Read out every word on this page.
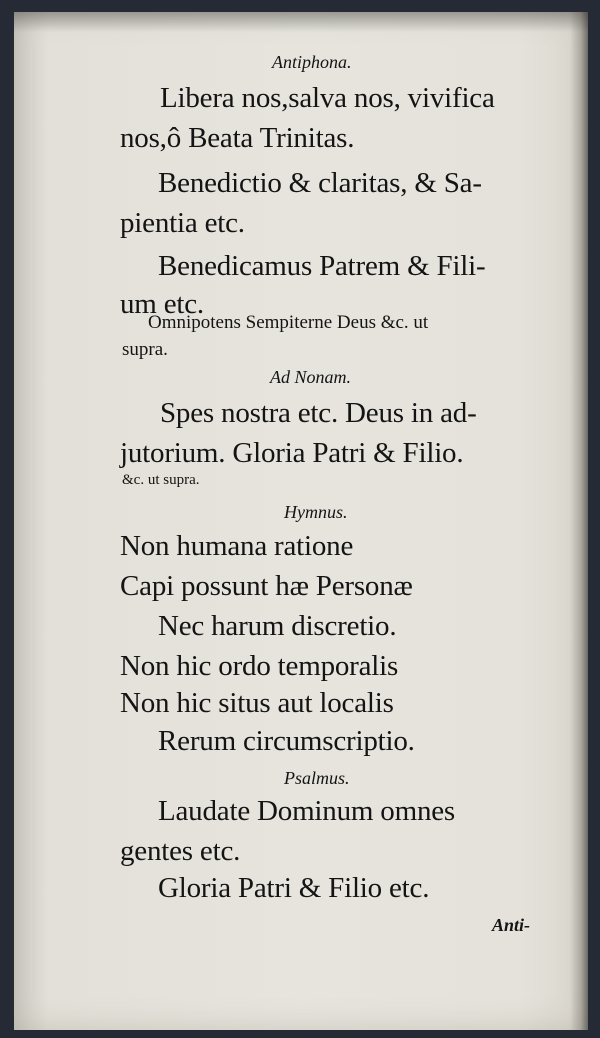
Antiphona.
Libera nos,salva nos, vivifica
nos,ô Beata Trinitas.
Benedictio & claritas, & Sa-
pientia etc.
Benedicamus Patrem & Fili-
um etc.
Omnipotens Sempiterne Deus &c. ut
supra.
Ad Nonam.
Spes nostra etc. Deus in ad-
jutorium. Gloria Patri & Filio.
&c. ut supra.
Hymnus.
Non humana ratione
Capi possunt hæ Personæ
Nec harum discretio.
Non hic ordo temporalis
Non hic situs aut localis
Rerum circumscriptio.
Psalmus.
Laudate Dominum omnes
gentes etc.
Gloria Patri & Filio etc.
Anti-
